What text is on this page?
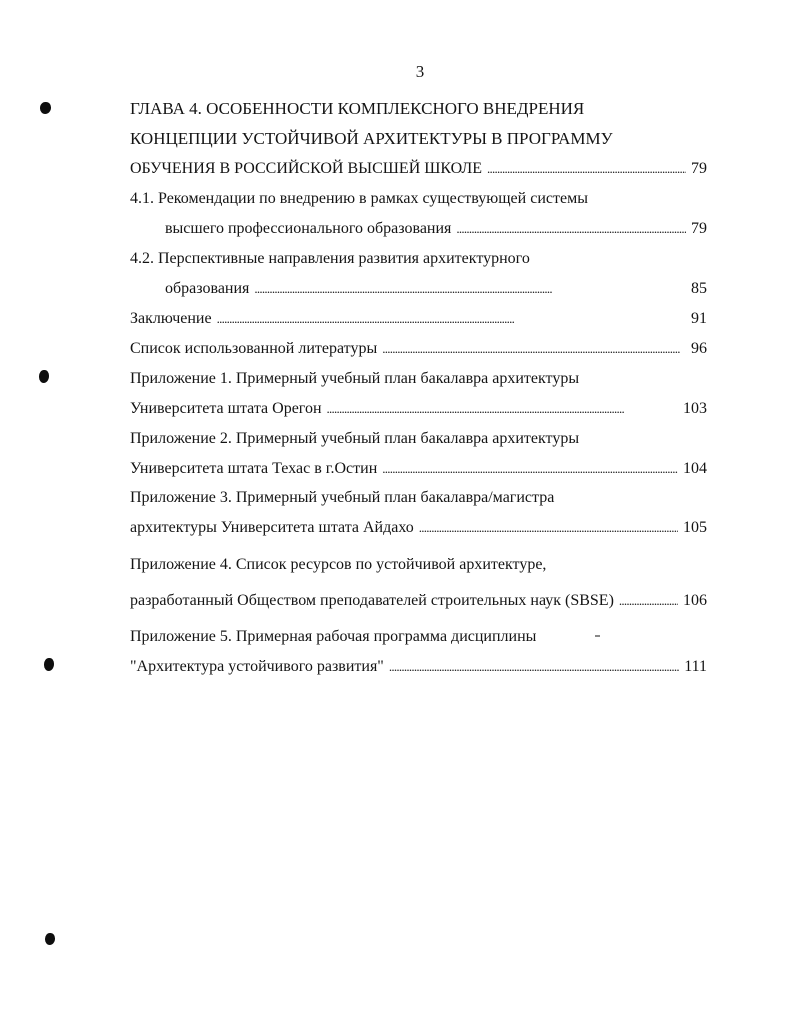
3
ГЛАВА 4. ОСОБЕННОСТИ КОМПЛЕКСНОГО ВНЕДРЕНИЯ
КОНЦЕПЦИИ УСТОЙЧИВОЙ АРХИТЕКТУРЫ В ПРОГРАММУ
ОБУЧЕНИЯ В РОССИЙСКОЙ ВЫСШЕЙ ШКОЛЕ . . .	79
4.1. Рекомендации по внедрению в рамках существующей системы
высшего профессионального образования . . .	79
4.2. Перспективные направления развития архитектурного
образования . . .	85
Заключение . . .	91
Список использованной литературы . . .	96
Приложение 1. Примерный учебный план бакалавра архитектуры
Университета штата Орегон . . .	103
Приложение 2. Примерный учебный план бакалавра архитектуры
Университета штата Техас в г.Остин . . .	104
Приложение 3. Примерный учебный план бакалавра/магистра
архитектуры Университета штата Айдахо . . .	105
Приложение 4. Список ресурсов по устойчивой архитектуре,
разработанный Обществом преподавателей строительных наук (SBSE) . . .	106
Приложение 5. Примерная рабочая программа дисциплины
"Архитектура устойчивого развития" . . .	111
